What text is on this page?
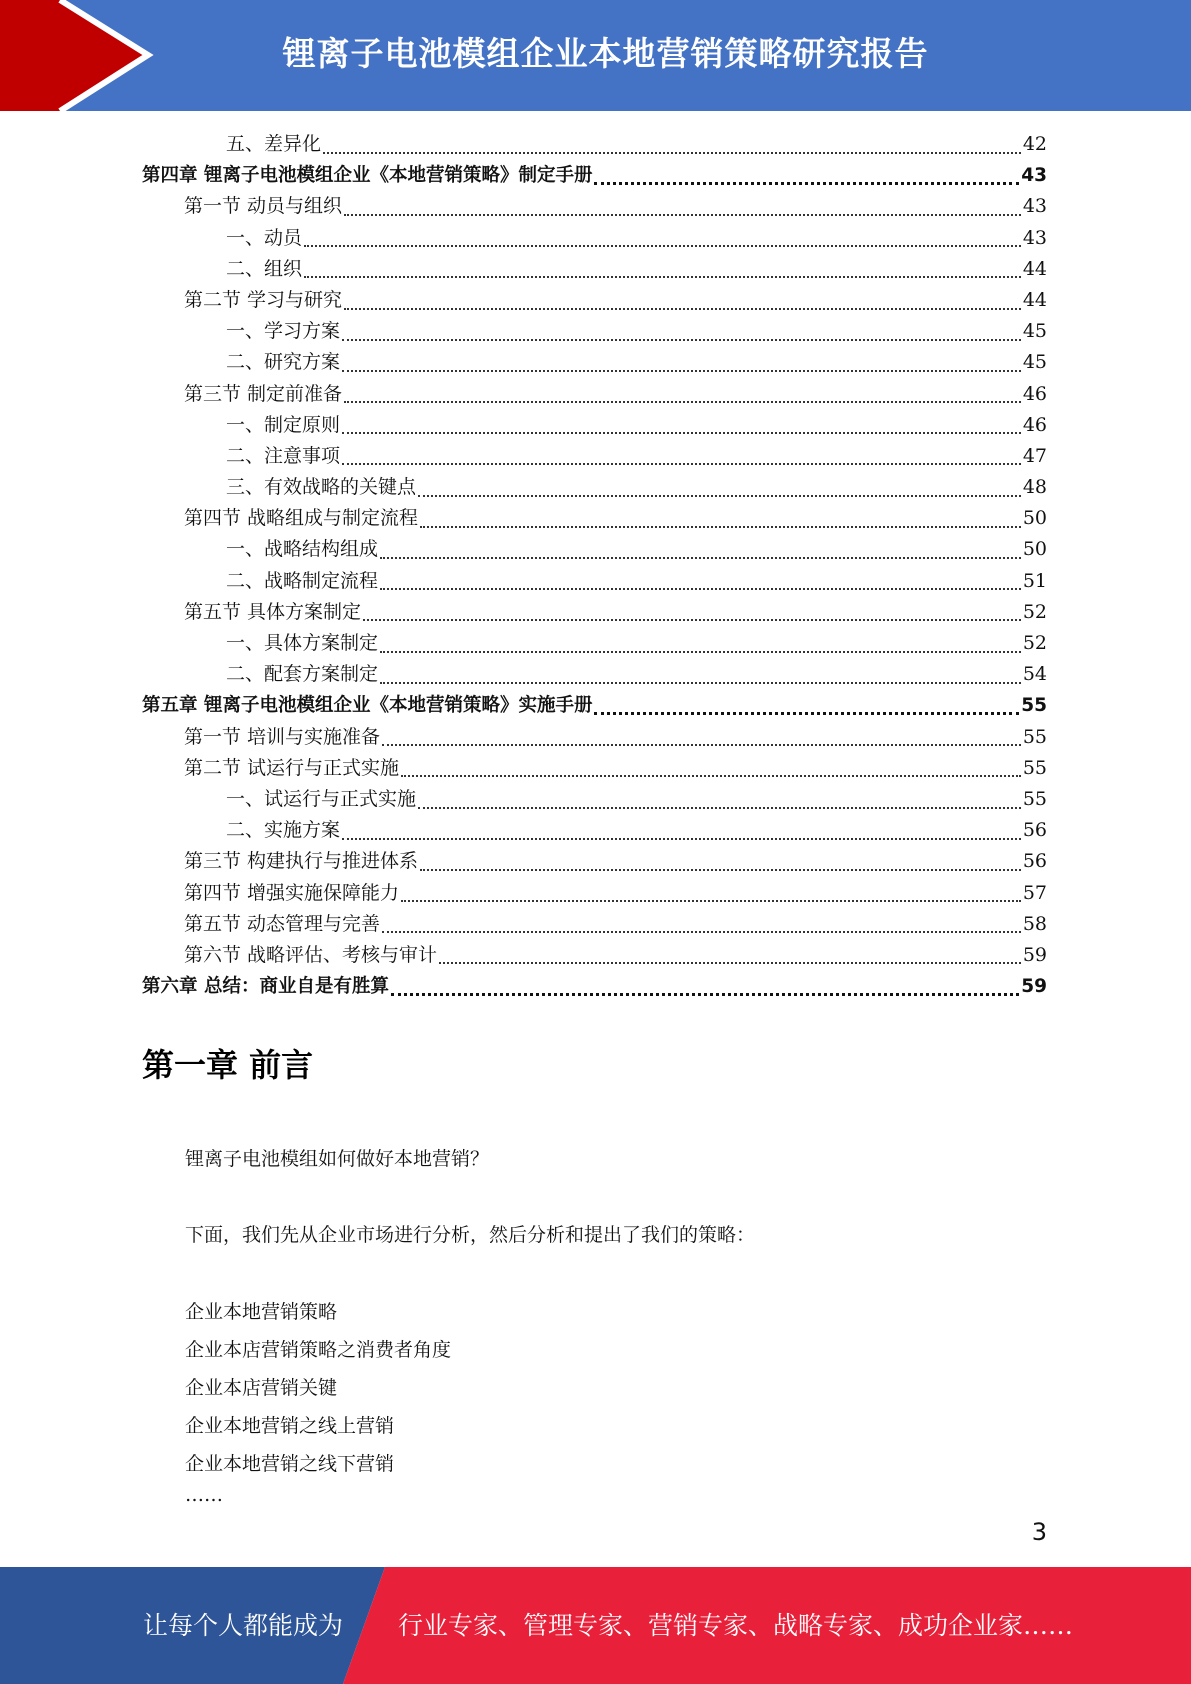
锂离子电池模组企业本地营销策略研究报告
五、差异化	42
第四章 锂离子电池模组企业《本地营销策略》制定手册	43
第一节 动员与组织	43
一、动员	43
二、组织	44
第二节 学习与研究	44
一、学习方案	45
二、研究方案	45
第三节 制定前准备	46
一、制定原则	46
二、注意事项	47
三、有效战略的关键点	48
第四节 战略组成与制定流程	50
一、战略结构组成	50
二、战略制定流程	51
第五节 具体方案制定	52
一、具体方案制定	52
二、配套方案制定	54
第五章 锂离子电池模组企业《本地营销策略》实施手册	55
第一节 培训与实施准备	55
第二节 试运行与正式实施	55
一、试运行与正式实施	55
二、实施方案	56
第三节 构建执行与推进体系	56
第四节 增强实施保障能力	57
第五节 动态管理与完善	58
第六节 战略评估、考核与审计	59
第六章 总结：商业自是有胜算	59
第一章 前言
锂离子电池模组如何做好本地营销？
下面，我们先从企业市场进行分析，然后分析和提出了我们的策略：
企业本地营销策略
企业本店营销策略之消费者角度
企业本店营销关键
企业本地营销之线上营销
企业本地营销之线下营销
……
3
让每个人都能成为 行业专家、管理专家、营销专家、战略专家、成功企业家……
